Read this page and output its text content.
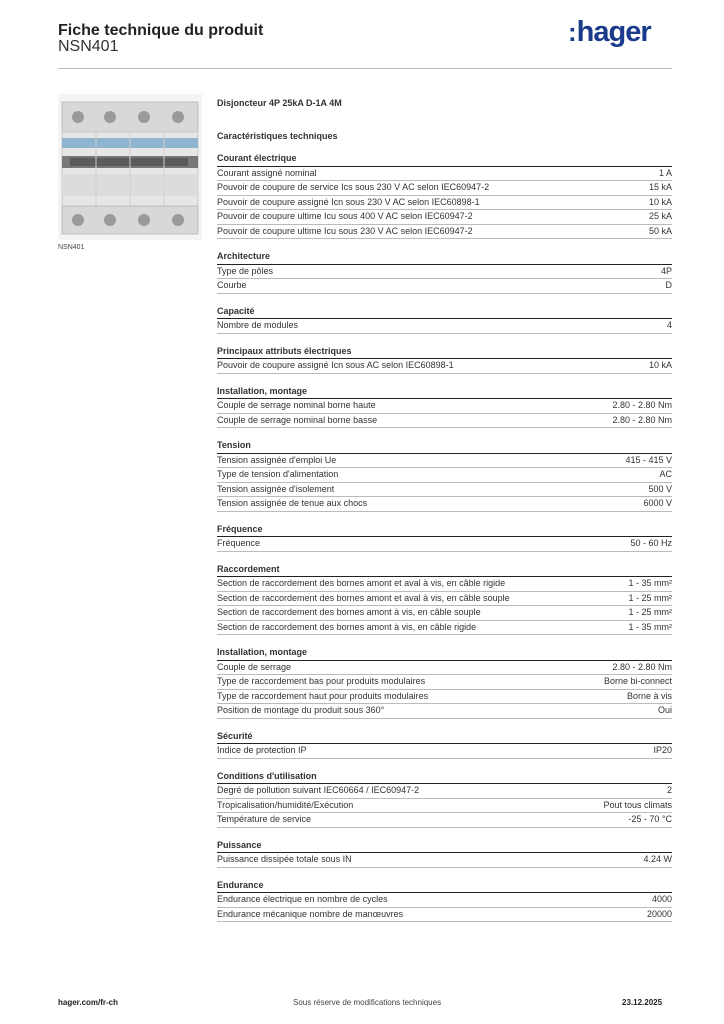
Fiche technique du produit
NSN401	:hager
NSN401
Disjoncteur 4P 25kA D-1A 4M
Caractéristiques techniques
Courant électrique
Courant assigné nominal	1 A
Pouvoir de coupure de service Ics sous 230 V AC selon IEC60947-2	15 kA
Pouvoir de coupure assigné Icn sous 230 V AC selon IEC60898-1	10 kA
Pouvoir de coupure ultime Icu sous 400 V AC selon IEC60947-2	25 kA
Pouvoir de coupure ultime Icu sous 230 V AC selon IEC60947-2	50 kA
Architecture
Type de pôles	4P
Courbe	D
Capacité
Nombre de modules	4
Principaux attributs électriques
Pouvoir de coupure assigné Icn sous AC selon IEC60898-1	10 kA
Installation, montage
Couple de serrage nominal borne haute	2.80 - 2.80 Nm
Couple de serrage nominal borne basse	2.80 - 2.80 Nm
Tension
Tension assignée d'emploi Ue	415 - 415 V
Type de tension d'alimentation	AC
Tension assignée d'isolement	500 V
Tension assignée de tenue aux chocs	6000 V
Fréquence
Fréquence	50 - 60 Hz
Raccordement
Section de raccordement des bornes amont et aval à vis, en câble rigide	1 - 35 mm²
Section de raccordement des bornes amont et aval à vis, en câble souple	1 - 25 mm²
Section de raccordement des bornes amont à vis, en câble souple	1 - 25 mm²
Section de raccordement des bornes amont à vis, en câble rigide	1 - 35 mm²
Installation, montage
Couple de serrage	2.80 - 2.80 Nm
Type de raccordement bas pour produits modulaires	Borne bi-connect
Type de raccordement haut pour produits modulaires	Borne à vis
Position de montage du produit sous 360°	Oui
Sécurité
Indice de protection IP	IP20
Conditions d'utilisation
Degré de pollution suivant IEC60664 / IEC60947-2	2
Tropicalisation/humidité/Exécution	Pout tous climats
Température de service	-25 - 70 °C
Puissance
Puissance dissipée totale sous IN	4.24 W
Endurance
Endurance électrique en nombre de cycles	4000
Endurance mécanique nombre de manœuvres	20000
hager.com/fr-ch	Sous réserve de modifications techniques	23.12.2025
